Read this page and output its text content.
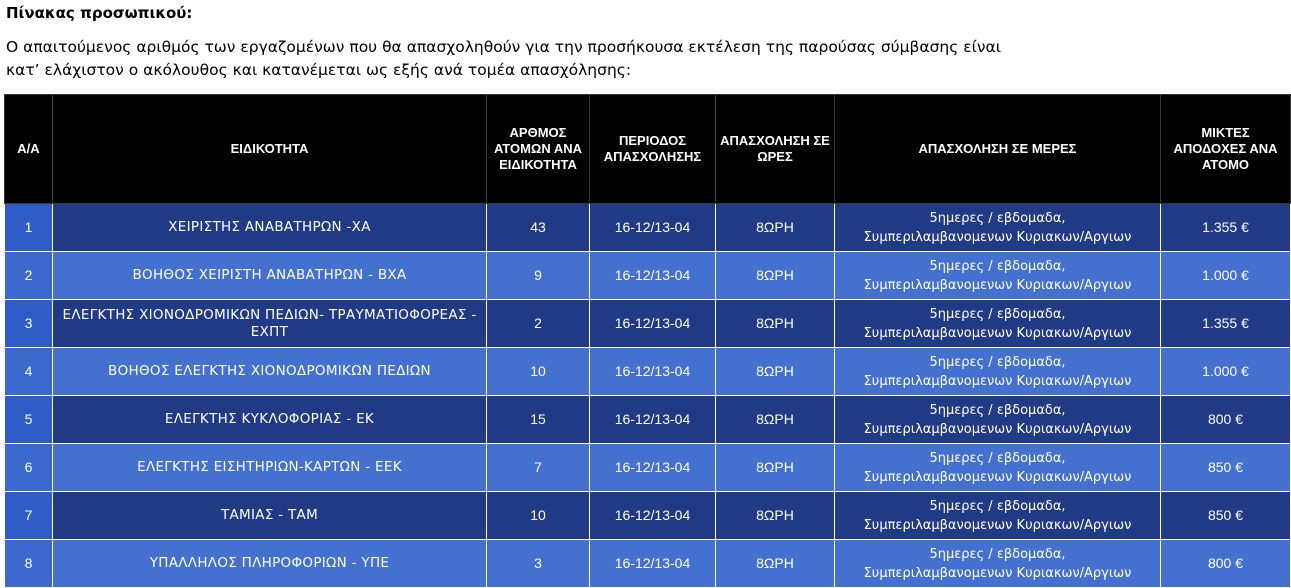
Πίνακας προσωπικού:
Ο απαιτούμενος αριθμός των εργαζομένων που θα απασχοληθούν για την προσήκουσα εκτέλεση της παρούσας σύμβασης είναι
κατ’ ελάχιστον ο ακόλουθος και κατανέμεται ως εξής ανά τομέα απασχόλησης:
Α/Α	ΕΙΔΙΚΟΤΗΤΑ	ΑΡΘΜΟΣ ΑΤΟΜΩΝ ΑΝΑ ΕΙΔΙΚΟΤΗΤΑ	ΠΕΡΙΟΔΟΣ ΑΠΑΣΧΟΛΗΣΗΣ	ΑΠΑΣΧΟΛΗΣΗ ΣΕ ΩΡΕΣ	ΑΠΑΣΧΟΛΗΣΗ ΣΕ ΜΕΡΕΣ	ΜΙΚΤΕΣ ΑΠΟΔΟΧΕΣ ΑΝΑ ΑΤΟΜΟ
1	ΧΕΙΡΙΣΤΗΣ ΑΝΑΒΑΤΗΡΩΝ -ΧΑ	43	16-12/13-04	8ΩΡΗ	5ημερες / εβδομαδα,
Συμπεριλαμβανομενων Κυριακων/Αργιων	1.355 €
2	ΒΟΗΘΟΣ ΧΕΙΡΙΣΤΗ ΑΝΑΒΑΤΗΡΩΝ - ΒΧΑ	9	16-12/13-04	8ΩΡΗ	5ημερες / εβδομαδα,
Συμπεριλαμβανομενων Κυριακων/Αργιων	1.000 €
3	ΕΛΕΓΚΤΗΣ ΧΙΟΝΟΔΡΟΜΙΚΩΝ ΠΕΔΙΩΝ- ΤΡΑΥΜΑΤΙΟΦΟΡΕΑΣ - ΕΧΠΤ	2	16-12/13-04	8ΩΡΗ	5ημερες / εβδομαδα,
Συμπεριλαμβανομενων Κυριακων/Αργιων	1.355 €
4	ΒΟΗΘΟΣ ΕΛΕΓΚΤΗΣ ΧΙΟΝΟΔΡΟΜΙΚΩΝ ΠΕΔΙΩΝ	10	16-12/13-04	8ΩΡΗ	5ημερες / εβδομαδα,
Συμπεριλαμβανομενων Κυριακων/Αργιων	1.000 €
5	ΕΛΕΓΚΤΗΣ ΚΥΚΛΟΦΟΡΙΑΣ - ΕΚ	15	16-12/13-04	8ΩΡΗ	5ημερες / εβδομαδα,
Συμπεριλαμβανομενων Κυριακων/Αργιων	800 €
6	ΕΛΕΓΚΤΗΣ ΕΙΣΗΤΗΡΙΩΝ-ΚΑΡΤΩΝ - ΕΕΚ	7	16-12/13-04	8ΩΡΗ	5ημερες / εβδομαδα,
Συμπεριλαμβανομενων Κυριακων/Αργιων	850 €
7	ΤΑΜΙΑΣ - ΤΑΜ	10	16-12/13-04	8ΩΡΗ	5ημερες / εβδομαδα,
Συμπεριλαμβανομενων Κυριακων/Αργιων	850 €
8	ΥΠΑΛΛΗΛΟΣ ΠΛΗΡΟΦΟΡΙΩΝ - ΥΠΕ	3	16-12/13-04	8ΩΡΗ	5ημερες / εβδομαδα,
Συμπεριλαμβανομενων Κυριακων/Αργιων	800 €
